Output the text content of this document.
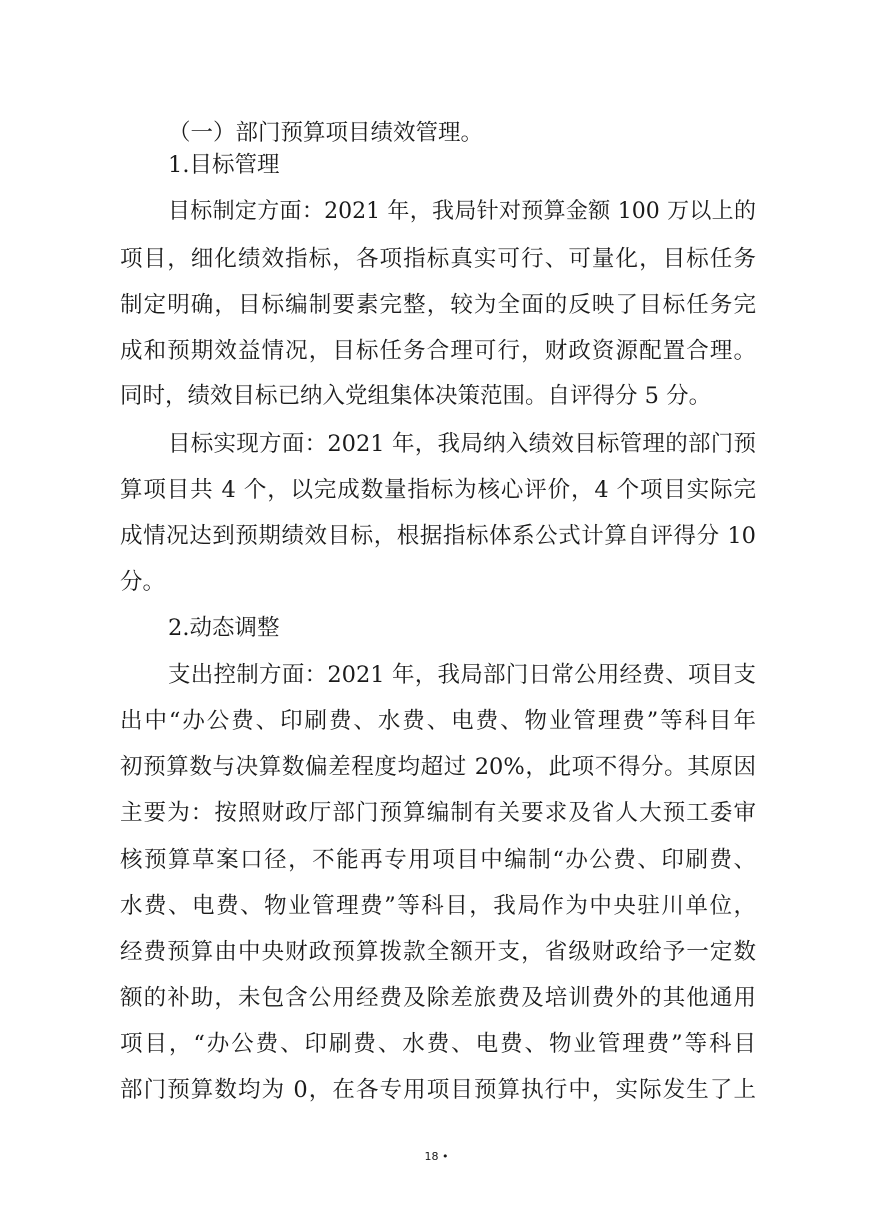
（一）部门预算项目绩效管理。
1.目标管理
目标制定方面：2021 年，我局针对预算金额 100 万以上的
项目，细化绩效指标，各项指标真实可行、可量化，目标任务
制定明确，目标编制要素完整，较为全面的反映了目标任务完
成和预期效益情况，目标任务合理可行，财政资源配置合理。
同时，绩效目标已纳入党组集体决策范围。自评得分 5 分。
目标实现方面：2021 年，我局纳入绩效目标管理的部门预
算项目共 4 个，以完成数量指标为核心评价，4 个项目实际完
成情况达到预期绩效目标，根据指标体系公式计算自评得分 10
分。
2.动态调整
支出控制方面：2021 年，我局部门日常公用经费、项目支
出中“办公费、印刷费、水费、电费、物业管理费”等科目年
初预算数与决算数偏差程度均超过 20%，此项不得分。其原因
主要为：按照财政厅部门预算编制有关要求及省人大预工委审
核预算草案口径，不能再专用项目中编制“办公费、印刷费、
水费、电费、物业管理费”等科目，我局作为中央驻川单位，
经费预算由中央财政预算拨款全额开支，省级财政给予一定数
额的补助，未包含公用经费及除差旅费及培训费外的其他通用
项目，“办公费、印刷费、水费、电费、物业管理费”等科目
部门预算数均为 0，在各专用项目预算执行中，实际发生了上
18 •
